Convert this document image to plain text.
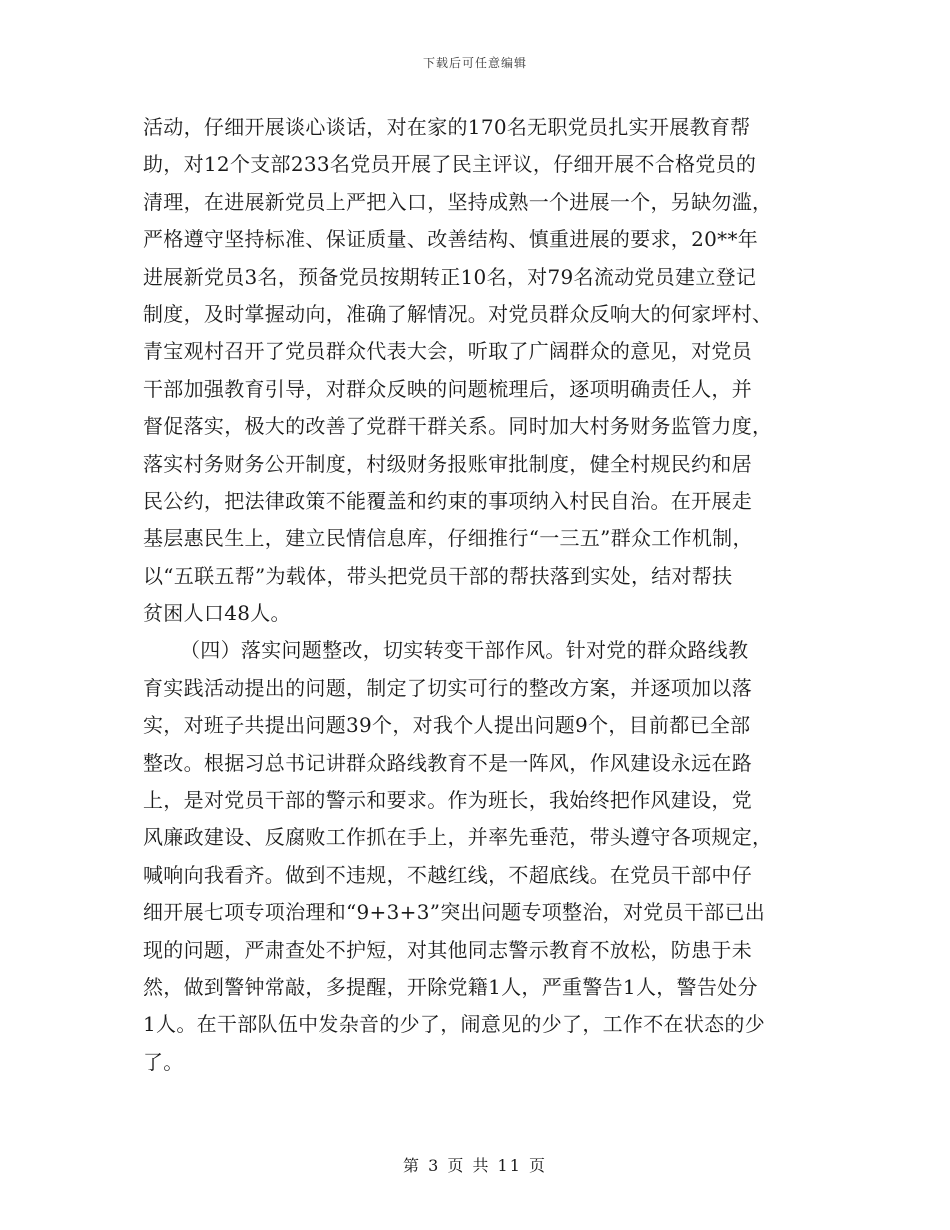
下载后可任意编辑
活动，仔细开展谈心谈话，对在家的170名无职党员扎实开展教育帮
助，对12个支部233名党员开展了民主评议，仔细开展不合格党员的
清理，在进展新党员上严把入口，坚持成熟一个进展一个，另缺勿滥，
严格遵守坚持标准、保证质量、改善结构、慎重进展的要求，20**年
进展新党员3名，预备党员按期转正10名，对79名流动党员建立登记
制度，及时掌握动向，准确了解情况。对党员群众反响大的何家坪村、
青宝观村召开了党员群众代表大会，听取了广阔群众的意见，对党员
干部加强教育引导，对群众反映的问题梳理后，逐项明确责任人，并
督促落实，极大的改善了党群干群关系。同时加大村务财务监管力度，
落实村务财务公开制度，村级财务报账审批制度，健全村规民约和居
民公约，把法律政策不能覆盖和约束的事项纳入村民自治。在开展走
基层惠民生上，建立民情信息库，仔细推行“一三五”群众工作机制，
以“五联五帮”为载体，带头把党员干部的帮扶落到实处，结对帮扶
贫困人口48人。
（四）落实问题整改，切实转变干部作风。针对党的群众路线教
育实践活动提出的问题，制定了切实可行的整改方案，并逐项加以落
实，对班子共提出问题39个，对我个人提出问题9个，目前都已全部
整改。根据习总书记讲群众路线教育不是一阵风，作风建设永远在路
上，是对党员干部的警示和要求。作为班长，我始终把作风建设，党
风廉政建设、反腐败工作抓在手上，并率先垂范，带头遵守各项规定，
喊响向我看齐。做到不违规，不越红线，不超底线。在党员干部中仔
细开展七项专项治理和“9+3+3”突出问题专项整治，对党员干部已出
现的问题，严肃查处不护短，对其他同志警示教育不放松，防患于未
然，做到警钟常敲，多提醒，开除党籍1人，严重警告1人，警告处分
1人。在干部队伍中发杂音的少了，闹意见的少了，工作不在状态的少
了。
第 3 页 共 11 页
